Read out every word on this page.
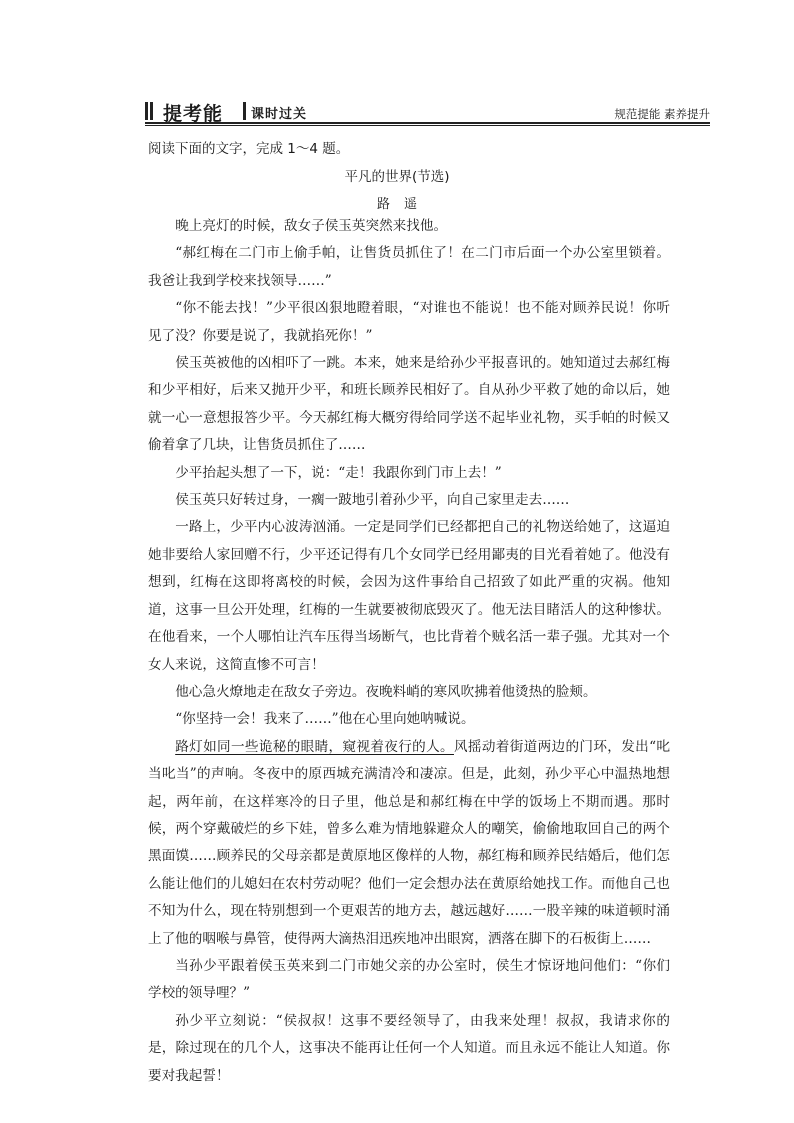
提考能 课时过关	规范提能 素养提升
阅读下面的文字，完成 1～4 题。
平凡的世界(节选)
路遥

晚上亮灯的时候，敌女子侯玉英突然来找他。

“郝红梅在二门市上偷手帕，让售货员抓住了！在二门市后面一个办公室里锁着。我爸让我到学校来找领导……”

“你不能去找！”少平很凶狠地瞪着眼，“对谁也不能说！也不能对顾养民说！你听见了没？你要是说了，我就掐死你！”

侯玉英被他的凶相吓了一跳。本来，她来是给孙少平报喜讯的。她知道过去郝红梅和少平相好，后来又抛开少平，和班长顾养民相好了。自从孙少平救了她的命以后，她就一心一意想报答少平。今天郝红梅大概穷得给同学送不起毕业礼物，买手帕的时候又偷着拿了几块，让售货员抓住了……

少平抬起头想了一下，说：“走！我跟你到门市上去！”

侯玉英只好转过身，一瘸一跛地引着孙少平，向自己家里走去……

一路上，少平内心波涛汹涌。一定是同学们已经都把自己的礼物送给她了，这逼迫她非要给人家回赠不行，少平还记得有几个女同学已经用鄙夷的目光看着她了。他没有想到，红梅在这即将离校的时候，会因为这件事给自己招致了如此严重的灾祸。他知道，这事一旦公开处理，红梅的一生就要被彻底毁灭了。他无法目睹活人的这种惨状。在他看来，一个人哪怕让汽车压得当场断气，也比背着个贼名活一辈子强。尤其对一个女人来说，这简直惨不可言！

他心急火燎地走在敌女子旁边。夜晚料峭的寒风吹拂着他烫热的脸颊。

“你坚持一会！我来了……”他在心里向她呐喊说。

路灯如同一些诡秘的眼睛，窥视着夜行的人。风摇动着街道两边的门环，发出“叱当叱当”的声响。冬夜中的原西城充满清冷和凄凉。但是，此刻，孙少平心中温热地想起，两年前，在这样寒冷的日子里，他总是和郝红梅在中学的饭场上不期而遇。那时候，两个穿戴破烂的乡下娃，曾多么难为情地躲避众人的嘲笑，偷偷地取回自己的两个黑面馍……顾养民的父母亲都是黄原地区像样的人物，郝红梅和顾养民结婚后，他们怎么能让他们的儿媳妇在农村劳动呢？他们一定会想办法在黄原给她找工作。而他自己也不知为什么，现在特别想到一个更艰苦的地方去，越远越好……一股辛辣的味道顿时涌上了他的咽喉与鼻管，使得两大滴热泪迅疾地冲出眼窝，洒落在脚下的石板街上……

当孙少平跟着侯玉英来到二门市她父亲的办公室时，侯生才惊讶地问他们：“你们学校的领导哩？”

孙少平立刻说：“侯叔叔！这事不要经领导了，由我来处理！叔叔，我请求你的是，除过现在的几个人，这事决不能再让任何一个人知道。而且永远不能让人知道。你要对我起誓！
